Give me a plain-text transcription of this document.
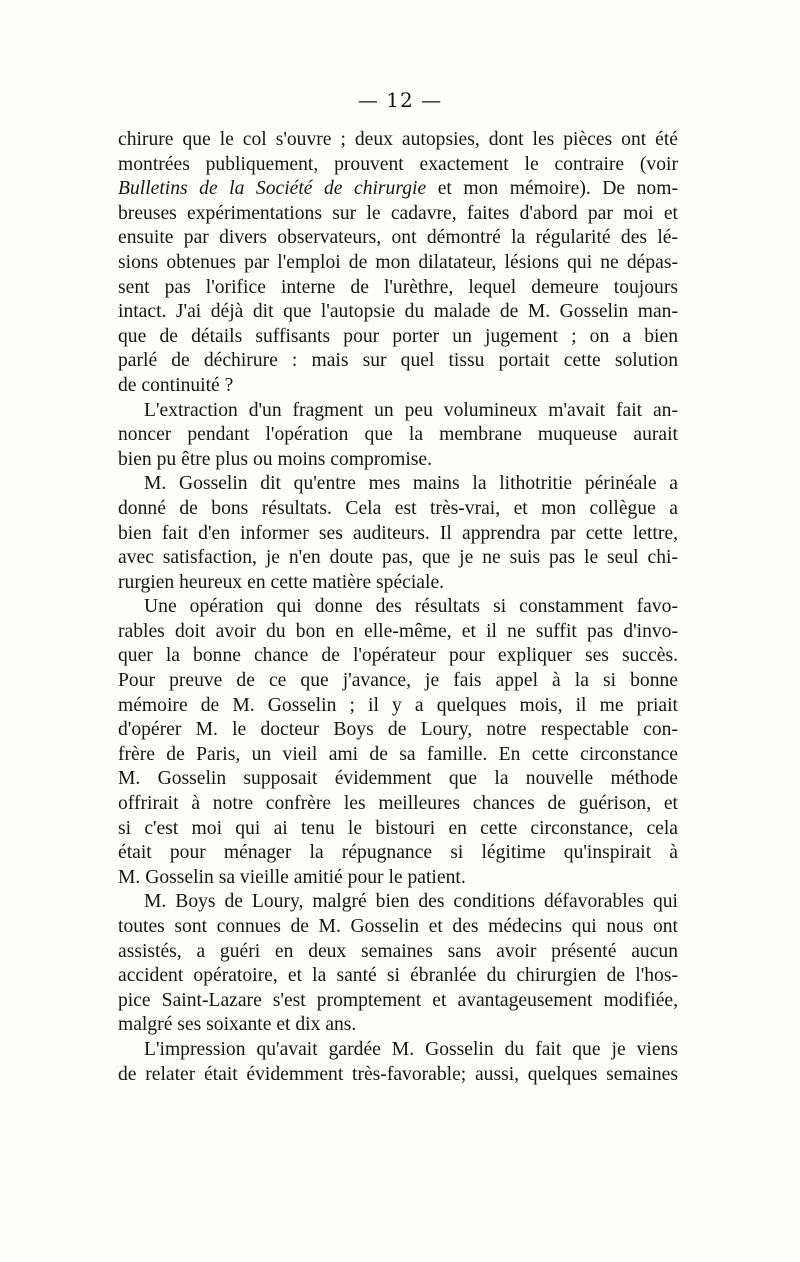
— 12 —

chirure que le col s'ouvre ; deux autopsies, dont les pièces ont été
montrées publiquement, prouvent exactement le contraire (voir
Bulletins de la Société de chirurgie et mon mémoire). De nom-
breuses expérimentations sur le cadavre, faites d'abord par moi et
ensuite par divers observateurs, ont démontré la régularité des lé-
sions obtenues par l'emploi de mon dilatateur, lésions qui ne dépas-
sent pas l'orifice interne de l'urèthre, lequel demeure toujours
intact. J'ai déjà dit que l'autopsie du malade de M. Gosselin man-
que de détails suffisants pour porter un jugement ; on a bien
parlé de déchirure : mais sur quel tissu portait cette solution
de continuité ?

L'extraction d'un fragment un peu volumineux m'avait fait an-
noncer pendant l'opération que la membrane muqueuse aurait
bien pu être plus ou moins compromise.

M. Gosselin dit qu'entre mes mains la lithotritie périnéale a
donné de bons résultats. Cela est très-vrai, et mon collègue a
bien fait d'en informer ses auditeurs. Il apprendra par cette lettre,
avec satisfaction, je n'en doute pas, que je ne suis pas le seul chi-
rurgien heureux en cette matière spéciale.

Une opération qui donne des résultats si constamment favo-
rables doit avoir du bon en elle-même, et il ne suffit pas d'invo-
quer la bonne chance de l'opérateur pour expliquer ses succès.
Pour preuve de ce que j'avance, je fais appel à la si bonne
mémoire de M. Gosselin ; il y a quelques mois, il me priait
d'opérer M. le docteur Boys de Loury, notre respectable con-
frère de Paris, un vieil ami de sa famille. En cette circonstance
M. Gosselin supposait évidemment que la nouvelle méthode
offrirait à notre confrère les meilleures chances de guérison, et
si c'est moi qui ai tenu le bistouri en cette circonstance, cela
était pour ménager la répugnance si légitime qu'inspirait à
M. Gosselin sa vieille amitié pour le patient.

M. Boys de Loury, malgré bien des conditions défavorables qui
toutes sont connues de M. Gosselin et des médecins qui nous ont
assistés, a guéri en deux semaines sans avoir présenté aucun
accident opératoire, et la santé si ébranlée du chirurgien de l'hos-
pice Saint-Lazare s'est promptement et avantageusement modifiée,
malgré ses soixante et dix ans.

L'impression qu'avait gardée M. Gosselin du fait que je viens
de relater était évidemment très-favorable; aussi, quelques semaines
